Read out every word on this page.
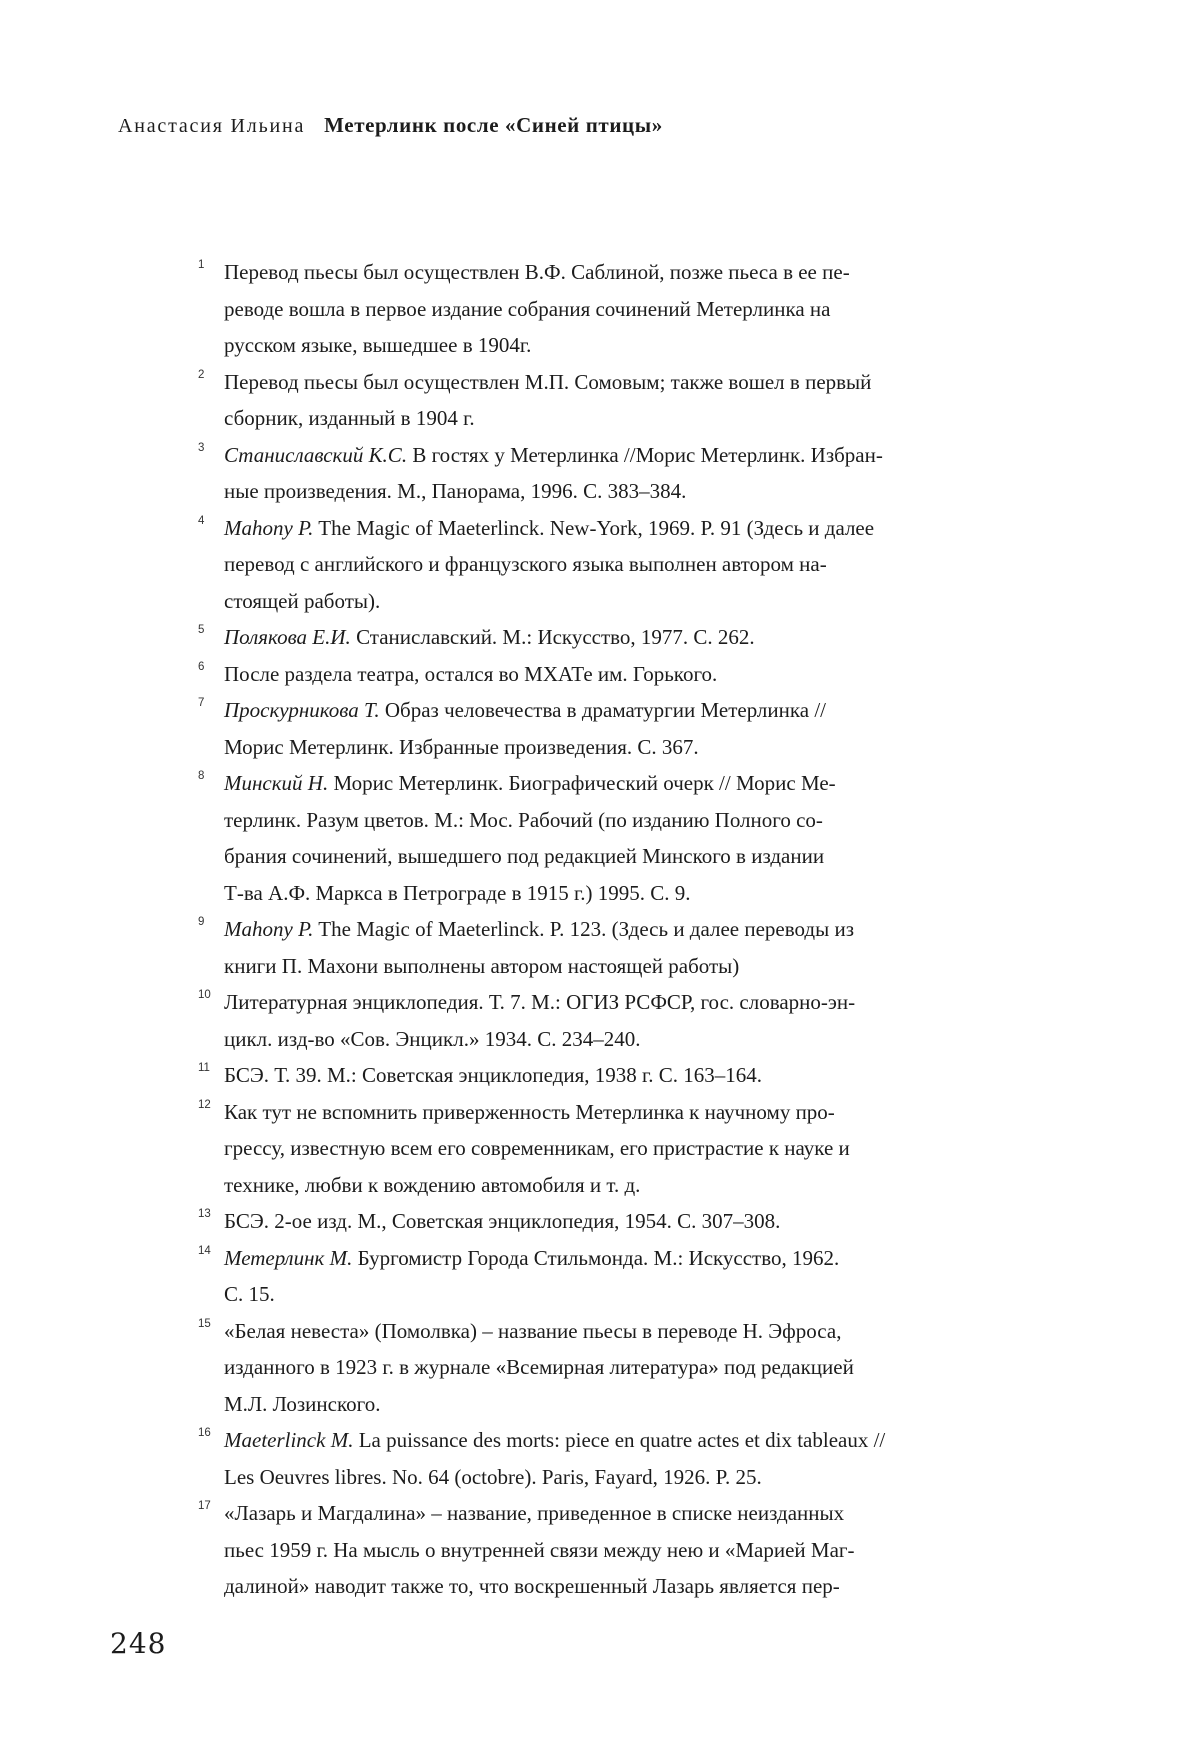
Анастасия Ильина Метерлинк после «Синей птицы»
1 Перевод пьесы был осуществлен В.Ф. Саблиной, позже пьеса в ее пе-
реводе вошла в первое издание собрания сочинений Метерлинка на
русском языке, вышедшее в 1904г.
2 Перевод пьесы был осуществлен М.П. Сомовым; также вошел в первый
сборник, изданный в 1904 г.
3 Станиславский К.С. В гостях у Метерлинка //Морис Метерлинк. Избран-
ные произведения. М., Панорама, 1996. С. 383–384.
4 Mahony P. The Magic of Maeterlinck. New-York, 1969. P. 91 (Здесь и далее
перевод с английского и французского языка выполнен автором на-
стоящей работы).
5 Полякова Е.И. Станиславский. М.: Искусство, 1977. С. 262.
6 После раздела театра, остался во МХАТе им. Горького.
7 Проскурникова Т. Образ человечества в драматургии Метерлинка //
Морис Метерлинк. Избранные произведения. С. 367.
8 Минский Н. Морис Метерлинк. Биографический очерк // Морис Ме-
терлинк. Разум цветов. М.: Мос. Рабочий (по изданию Полного со-
брания сочинений, вышедшего под редакцией Минского в издании
Т-ва А.Ф. Маркса в Петрограде в 1915 г.) 1995. С. 9.
9 Mahony P. The Magic of Maeterlinck. P. 123. (Здесь и далее переводы из
книги П. Махони выполнены автором настоящей работы)
10 Литературная энциклопедия. Т. 7. М.: ОГИЗ РСФСР, гос. словарно-эн-
цикл. изд-во «Сов. Энцикл.» 1934. С. 234–240.
11 БСЭ. Т. 39. М.: Советская энциклопедия, 1938 г. С. 163–164.
12 Как тут не вспомнить приверженность Метерлинка к научному про-
грессу, известную всем его современникам, его пристрастие к науке и
технике, любви к вождению автомобиля и т. д.
13 БСЭ. 2-ое изд. М., Советская энциклопедия, 1954. С. 307–308.
14 Метерлинк М. Бургомистр Города Стильмонда. М.: Искусство, 1962.
С. 15.
15 «Белая невеста» (Помолвка) – название пьесы в переводе Н. Эфроса,
изданного в 1923 г. в журнале «Всемирная литература» под редакцией
М.Л. Лозинского.
16 Maeterlinck M. La puissance des morts: piece en quatre actes et dix tableaux //
Les Oeuvres libres. No. 64 (octobre). Paris, Fayard, 1926. P. 25.
17 «Лазарь и Магдалина» – название, приведенное в списке неизданных
пьес 1959 г. На мысль о внутренней связи между нею и «Марией Маг-
далиной» наводит также то, что воскрешенный Лазарь является пер-
248
